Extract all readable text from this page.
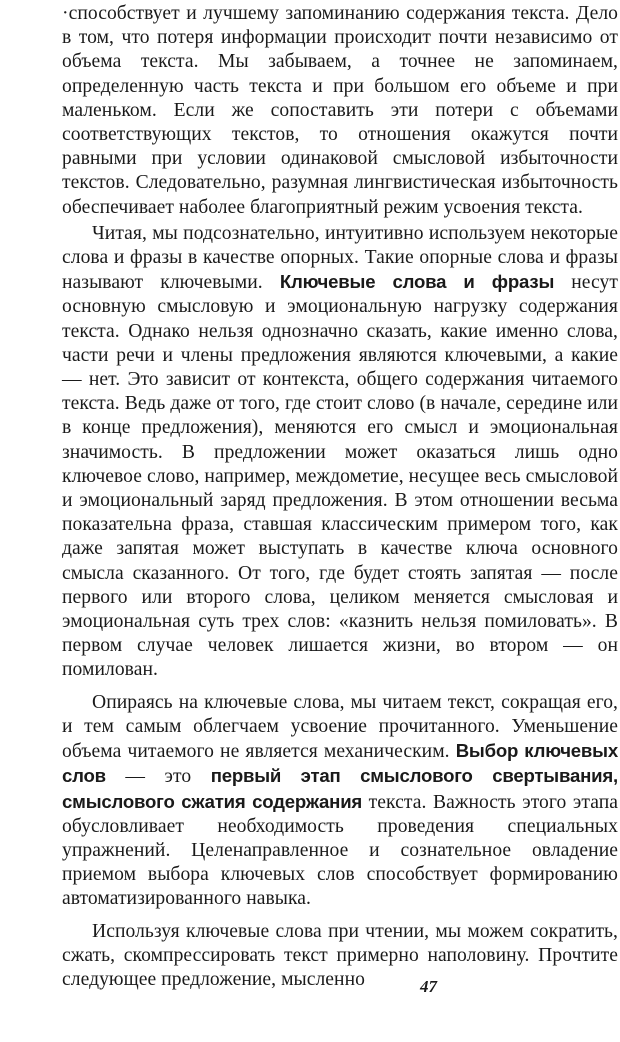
·способствует и лучшему запоминанию содержания текста. Дело в том, что потеря информации происходит почти независимо от объема текста. Мы забываем, а точнее не запоминаем, определенную часть текста и при большом его объеме и при маленьком. Если же сопоставить эти потери с объемами соответствующих текстов, то отношения окажутся почти равными при условии одинаковой смысловой избыточности текстов. Следовательно, разумная лингвистическая избыточность обеспечивает наболее благоприятный режим усвоения текста.

Читая, мы подсознательно, интуитивно используем некоторые слова и фразы в качестве опорных. Такие опорные слова и фразы называют ключевыми. Ключевые слова и фразы несут основную смысловую и эмоциональную нагрузку содержания текста. Однако нельзя однозначно сказать, какие именно слова, части речи и члены предложения являются ключевыми, а какие — нет. Это зависит от контекста, общего содержания читаемого текста. Ведь даже от того, где стоит слово (в начале, середине или в конце предложения), меняются его смысл и эмоциональная значимость. В предложении может оказаться лишь одно ключевое слово, например, междометие, несущее весь смысловой и эмоциональный заряд предложения. В этом отношении весьма показательна фраза, ставшая классическим примером того, как даже запятая может выступать в качестве ключа основного смысла сказанного. От того, где будет стоять запятая — после первого или второго слова, целиком меняется смысловая и эмоциональная суть трех слов: «казнить нельзя помиловать». В первом случае человек лишается жизни, во втором — он помилован.

Опираясь на ключевые слова, мы читаем текст, сокращая его, и тем самым облегчаем усвоение прочитанного. Уменьшение объема читаемого не является механическим. Выбор ключевых слов — это первый этап смыслового свертывания, смыслового сжатия содержания текста. Важность этого этапа обусловливает необходимость проведения специальных упражнений. Целенаправленное и сознательное овладение приемом выбора ключевых слов способствует формированию автоматизированного навыка.

Используя ключевые слова при чтении, мы можем сократить, сжать, скомпрессировать текст примерно наполовину. Прочтите следующее предложение, мысленно	47
